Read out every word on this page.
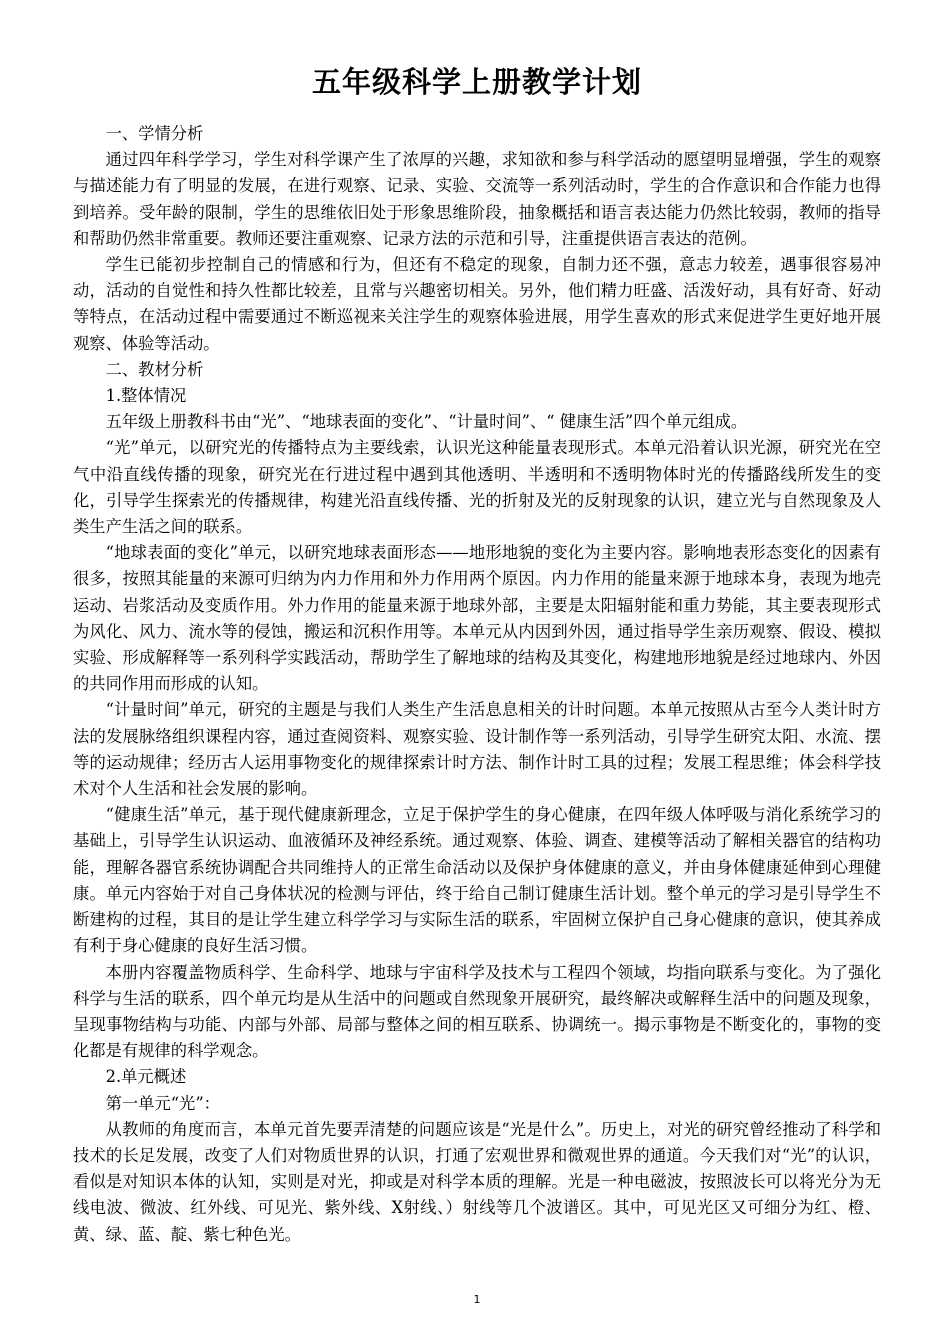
五年级科学上册教学计划

一、学情分析

通过四年科学学习，学生对科学课产生了浓厚的兴趣，求知欲和参与科学活动的愿望明显增强，学生的观察与描述能力有了明显的发展，在进行观察、记录、实验、交流等一系列活动时，学生的合作意识和合作能力也得到培养。受年龄的限制，学生的思维依旧处于形象思维阶段，抽象概括和语言表达能力仍然比较弱，教师的指导和帮助仍然非常重要。教师还要注重观察、记录方法的示范和引导，注重提供语言表达的范例。

学生已能初步控制自己的情感和行为，但还有不稳定的现象，自制力还不强，意志力较差，遇事很容易冲动，活动的自觉性和持久性都比较差，且常与兴趣密切相关。另外，他们精力旺盛、活泼好动，具有好奇、好动等特点，在活动过程中需要通过不断巡视来关注学生的观察体验进展，用学生喜欢的形式来促进学生更好地开展观察、体验等活动。

二、教材分析

1.整体情况

五年级上册教科书由“光”、“地球表面的变化”、“计量时间”、“ 健康生活”四个单元组成。

“光”单元，以研究光的传播特点为主要线索，认识光这种能量表现形式。本单元沿着认识光源，研究光在空气中沿直线传播的现象，研究光在行进过程中遇到其他透明、半透明和不透明物体时光的传播路线所发生的变化，引导学生探索光的传播规律，构建光沿直线传播、光的折射及光的反射现象的认识，建立光与自然现象及人类生产生活之间的联系。

“地球表面的变化”单元，以研究地球表面形态——地形地貌的变化为主要内容。影响地表形态变化的因素有很多，按照其能量的来源可归纳为内力作用和外力作用两个原因。内力作用的能量来源于地球本身，表现为地壳运动、岩浆活动及变质作用。外力作用的能量来源于地球外部，主要是太阳辐射能和重力势能，其主要表现形式为风化、风力、流水等的侵蚀，搬运和沉积作用等。本单元从内因到外因，通过指导学生亲历观察、假设、模拟实验、形成解释等一系列科学实践活动，帮助学生了解地球的结构及其变化，构建地形地貌是经过地球内、外因的共同作用而形成的认知。

“计量时间”单元，研究的主题是与我们人类生产生活息息相关的计时问题。本单元按照从古至今人类计时方法的发展脉络组织课程内容，通过查阅资料、观察实验、设计制作等一系列活动，引导学生研究太阳、水流、摆等的运动规律；经历古人运用事物变化的规律探索计时方法、制作计时工具的过程；发展工程思维；体会科学技术对个人生活和社会发展的影响。

“健康生活”单元，基于现代健康新理念，立足于保护学生的身心健康，在四年级人体呼吸与消化系统学习的基础上，引导学生认识运动、血液循环及神经系统。通过观察、体验、调查、建模等活动了解相关器官的结构功能，理解各器官系统协调配合共同维持人的正常生命活动以及保护身体健康的意义，并由身体健康延伸到心理健康。单元内容始于对自己身体状况的检测与评估，终于给自己制订健康生活计划。整个单元的学习是引导学生不断建构的过程，其目的是让学生建立科学学习与实际生活的联系，牢固树立保护自己身心健康的意识，使其养成有利于身心健康的良好生活习惯。

本册内容覆盖物质科学、生命科学、地球与宇宙科学及技术与工程四个领域，均指向联系与变化。为了强化科学与生活的联系，四个单元均是从生活中的问题或自然现象开展研究，最终解决或解释生活中的问题及现象，呈现事物结构与功能、内部与外部、局部与整体之间的相互联系、协调统一。揭示事物是不断变化的，事物的变化都是有规律的科学观念。

2.单元概述

第一单元“光”：

从教师的角度而言，本单元首先要弄清楚的问题应该是“光是什么”。历史上，对光的研究曾经推动了科学和技术的长足发展，改变了人们对物质世界的认识，打通了宏观世界和微观世界的通道。今天我们对“光”的认识，看似是对知识本体的认知，实则是对光，抑或是对科学本质的理解。光是一种电磁波，按照波长可以将光分为无线电波、微波、红外线、可见光、紫外线、X射线、）射线等几个波谱区。其中，可见光区又可细分为红、橙、黄、绿、蓝、靛、紫七种色光。

1
